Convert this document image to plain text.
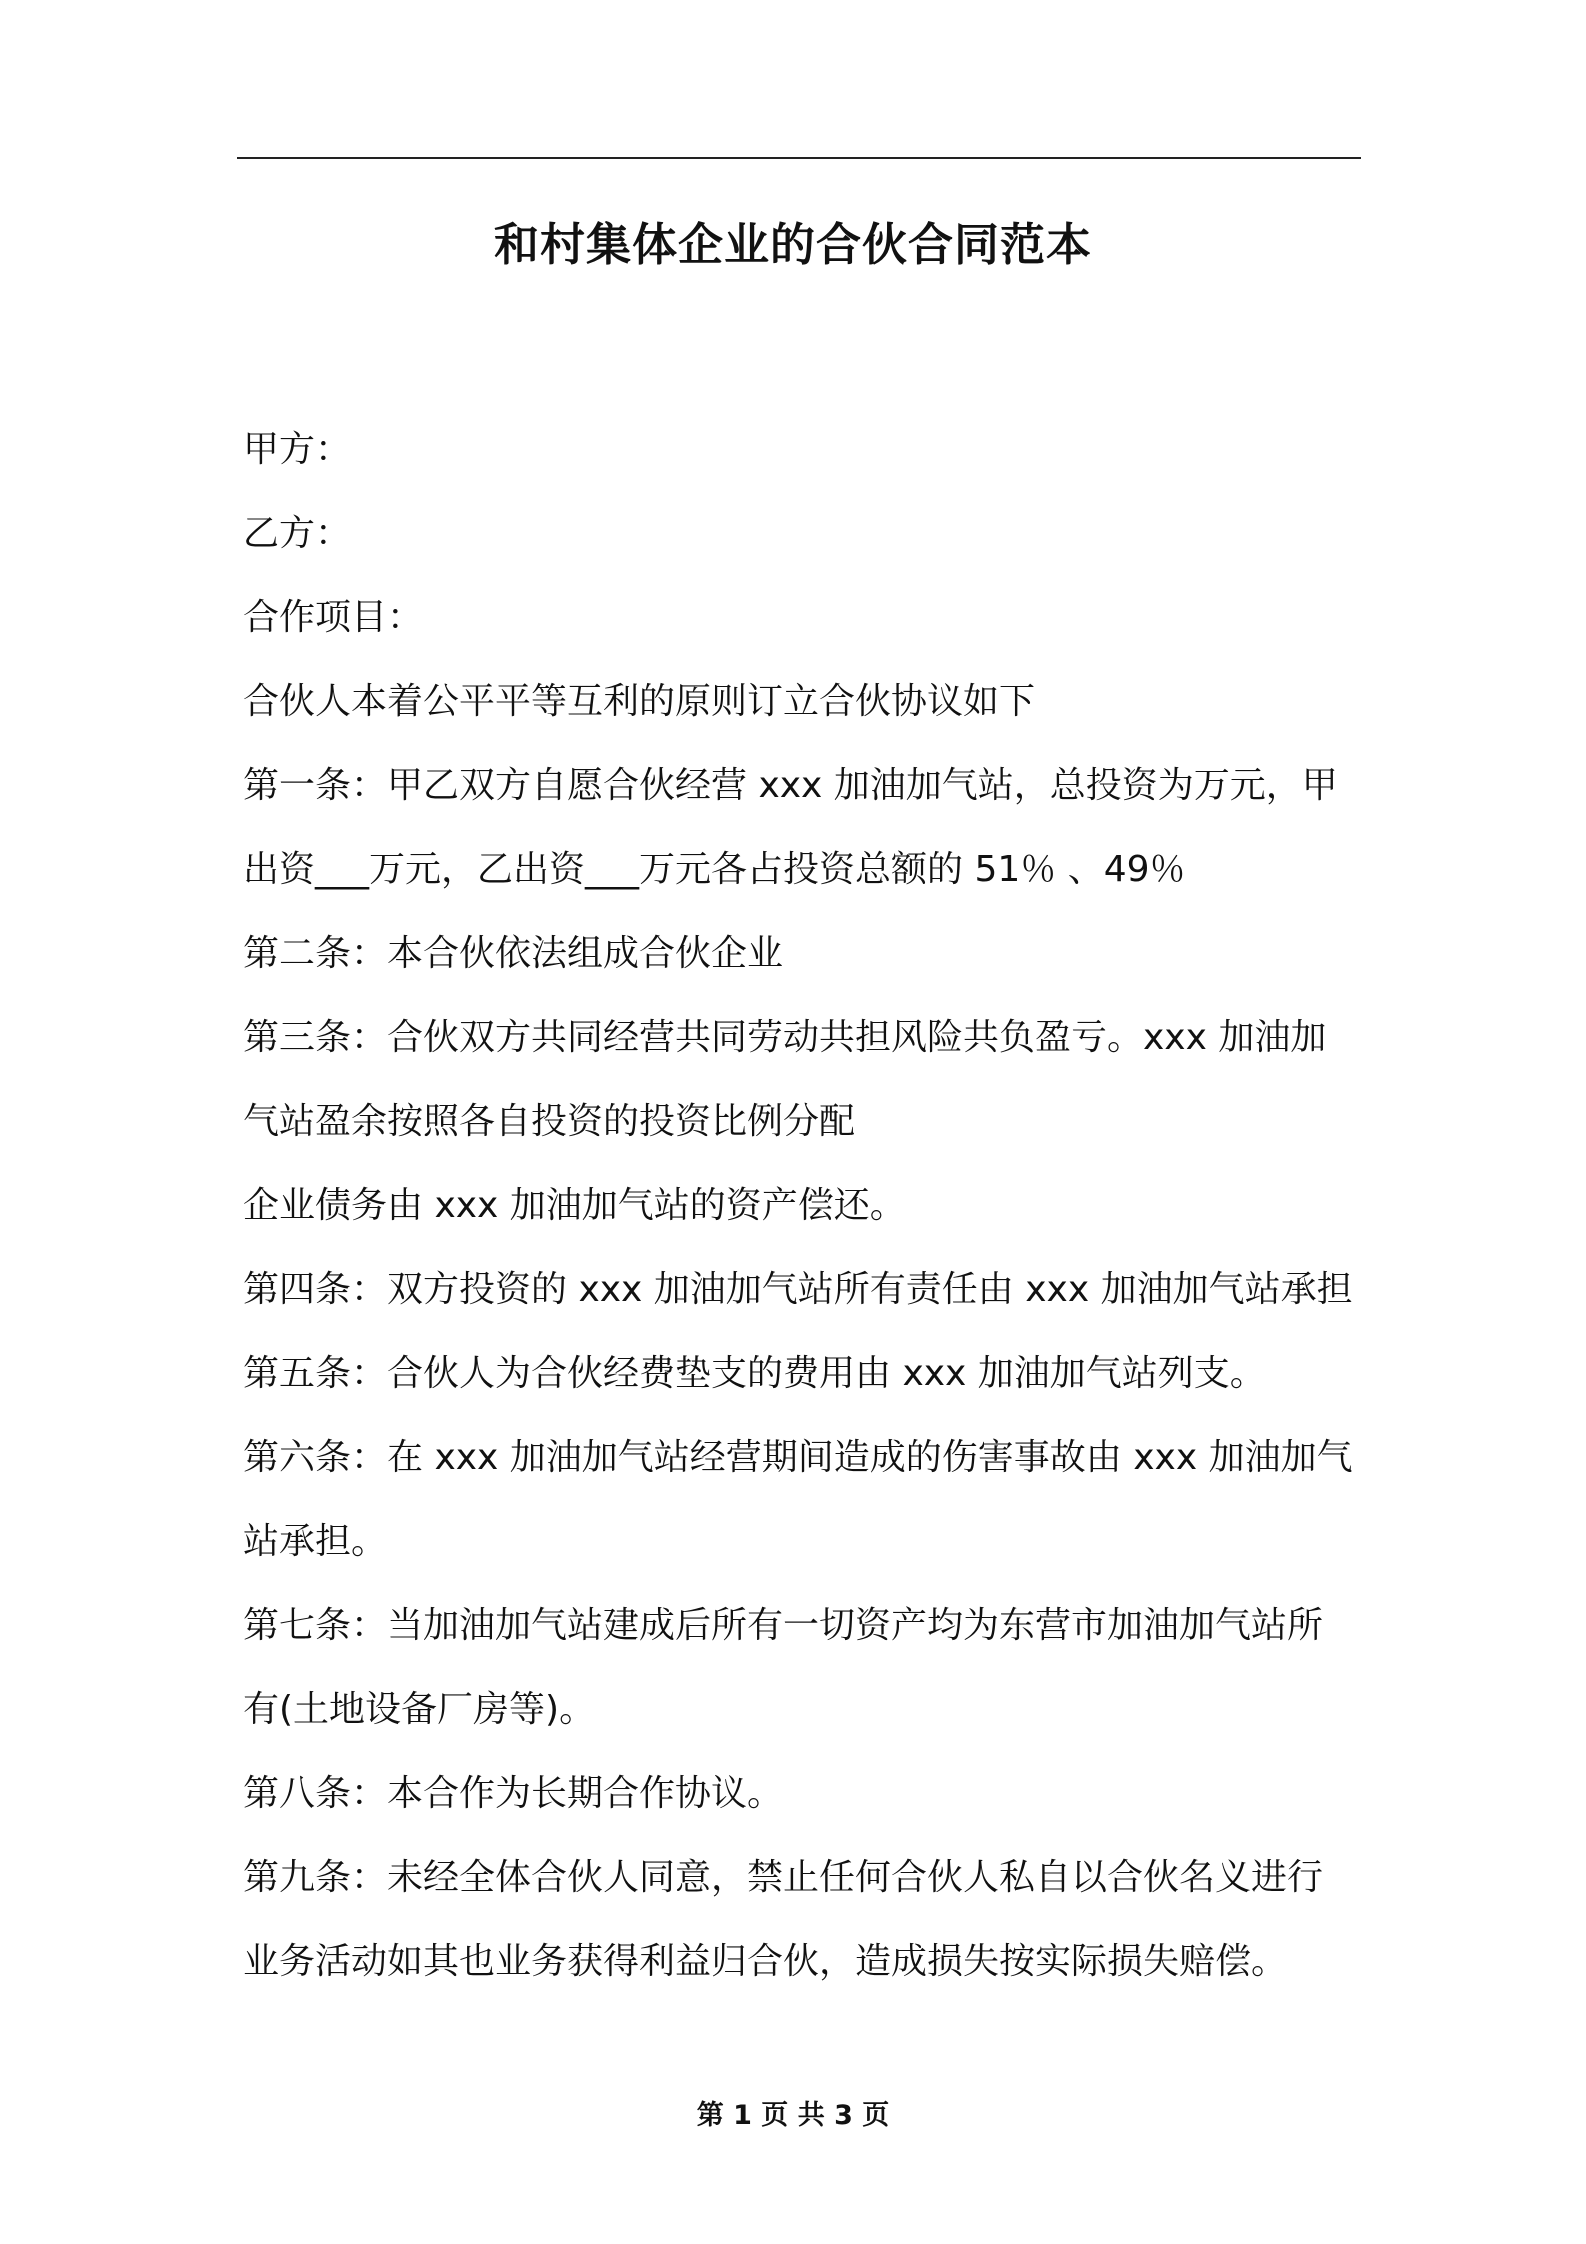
和村集体企业的合伙合同范本
甲方：
乙方：
合作项目：
合伙人本着公平平等互利的原则订立合伙协议如下
第一条：甲乙双方自愿合伙经营 xxx 加油加气站，总投资为万元，甲
出资___万元，乙出资___万元各占投资总额的 51％ 、49％
第二条：本合伙依法组成合伙企业
第三条：合伙双方共同经营共同劳动共担风险共负盈亏。xxx 加油加
气站盈余按照各自投资的投资比例分配
企业债务由 xxx 加油加气站的资产偿还。
第四条：双方投资的 xxx 加油加气站所有责任由 xxx 加油加气站承担
第五条：合伙人为合伙经费垫支的费用由 xxx 加油加气站列支。
第六条：在 xxx 加油加气站经营期间造成的伤害事故由 xxx 加油加气
站承担。
第七条：当加油加气站建成后所有一切资产均为东营市加油加气站所
有(土地设备厂房等)。
第八条：本合作为长期合作协议。
第九条：未经全体合伙人同意，禁止任何合伙人私自以合伙名义进行
业务活动如其也业务获得利益归合伙，造成损失按实际损失赔偿。
第 1 页 共 3 页
